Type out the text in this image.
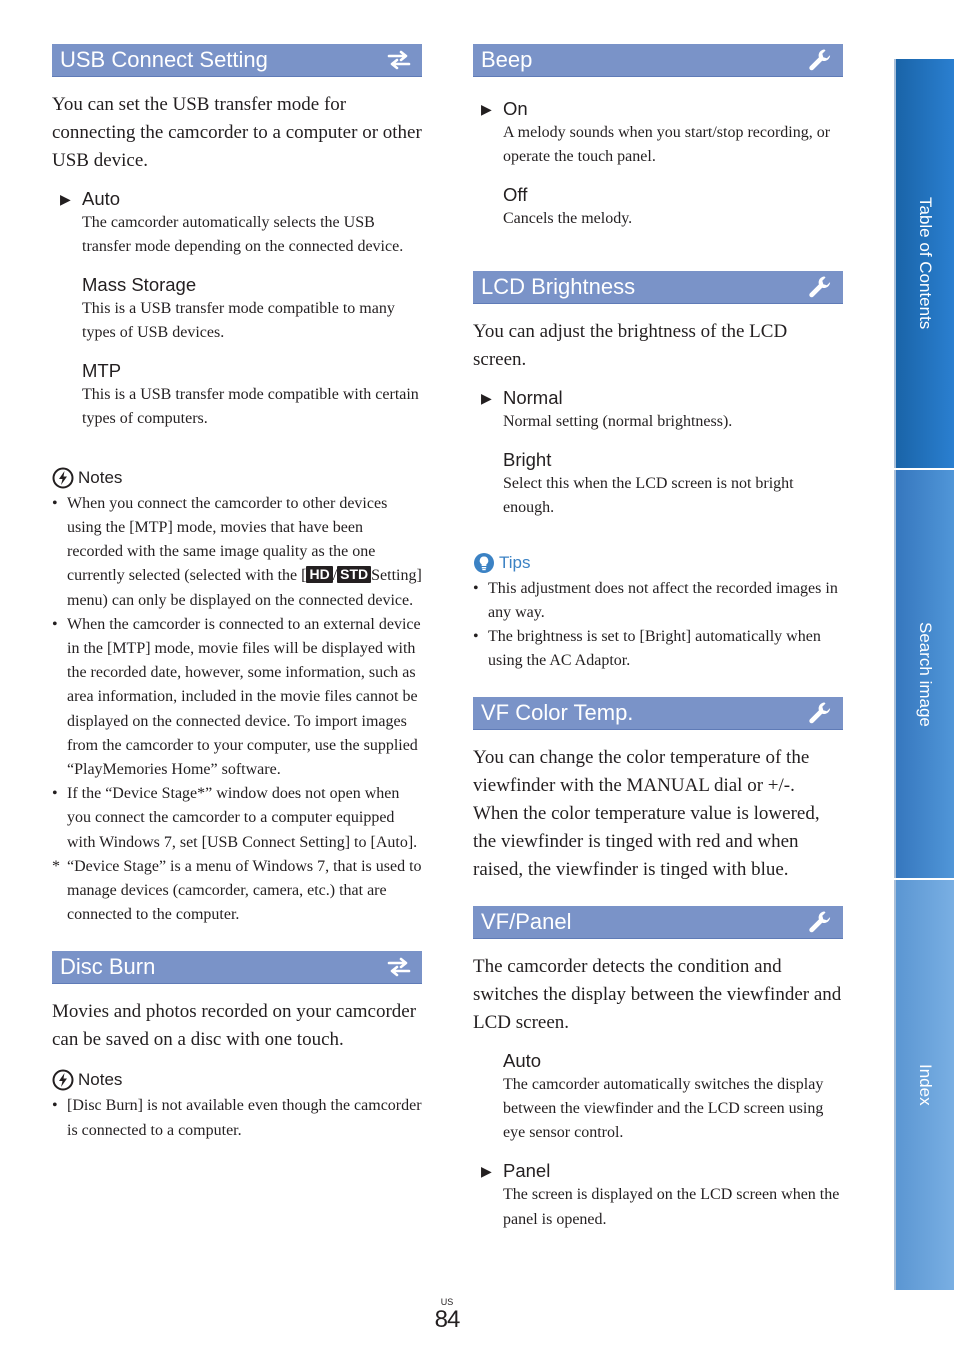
USB Connect Setting

You can set the USB transfer mode for connecting the camcorder to a computer or other USB device.

▶ Auto
The camcorder automatically selects the USB transfer mode depending on the connected device.
Mass Storage
This is a USB transfer mode compatible to many types of USB devices.
MTP
This is a USB transfer mode compatible with certain types of computers.
Notes
• When you connect the camcorder to other devices using the [MTP] mode, movies that have been recorded with the same image quality as the one currently selected (selected with the [ HD / STD Setting] menu) can only be displayed on the connected device.
• When the camcorder is connected to an external device in the [MTP] mode, movie files will be displayed with the recorded date, however, some information, such as area information, included in the movie files cannot be displayed on the connected device. To import images from the camcorder to your computer, use the supplied “PlayMemories Home” software.
• If the “Device Stage*” window does not open when you connect the camcorder to a computer equipped with Windows 7, set [USB Connect Setting] to [Auto].
* “Device Stage” is a menu of Windows 7, that is used to manage devices (camcorder, camera, etc.) that are connected to the computer.
Disc Burn

Movies and photos recorded on your camcorder can be saved on a disc with one touch.

Notes
• [Disc Burn] is not available even though the camcorder is connected to a computer.
Beep
▶ On
A melody sounds when you start/stop recording, or operate the touch panel.
Off
Cancels the melody.
LCD Brightness

You can adjust the brightness of the LCD screen.

▶ Normal
Normal setting (normal brightness).
Bright
Select this when the LCD screen is not bright enough.
Tips
• This adjustment does not affect the recorded images in any way.
• The brightness is set to [Bright] automatically when using the AC Adaptor.
VF Color Temp.

You can change the color temperature of the viewfinder with the MANUAL dial or +/-. When the color temperature value is lowered, the viewfinder is tinged with red and when raised, the viewfinder is tinged with blue.

VF/Panel

The camcorder detects the condition and switches the display between the viewfinder and LCD screen.

Auto
The camcorder automatically switches the display between the viewfinder and the LCD screen using eye sensor control.
▶ Panel
The screen is displayed on the LCD screen when the panel is opened.
US
84
Table of Contents
Search image
Index
